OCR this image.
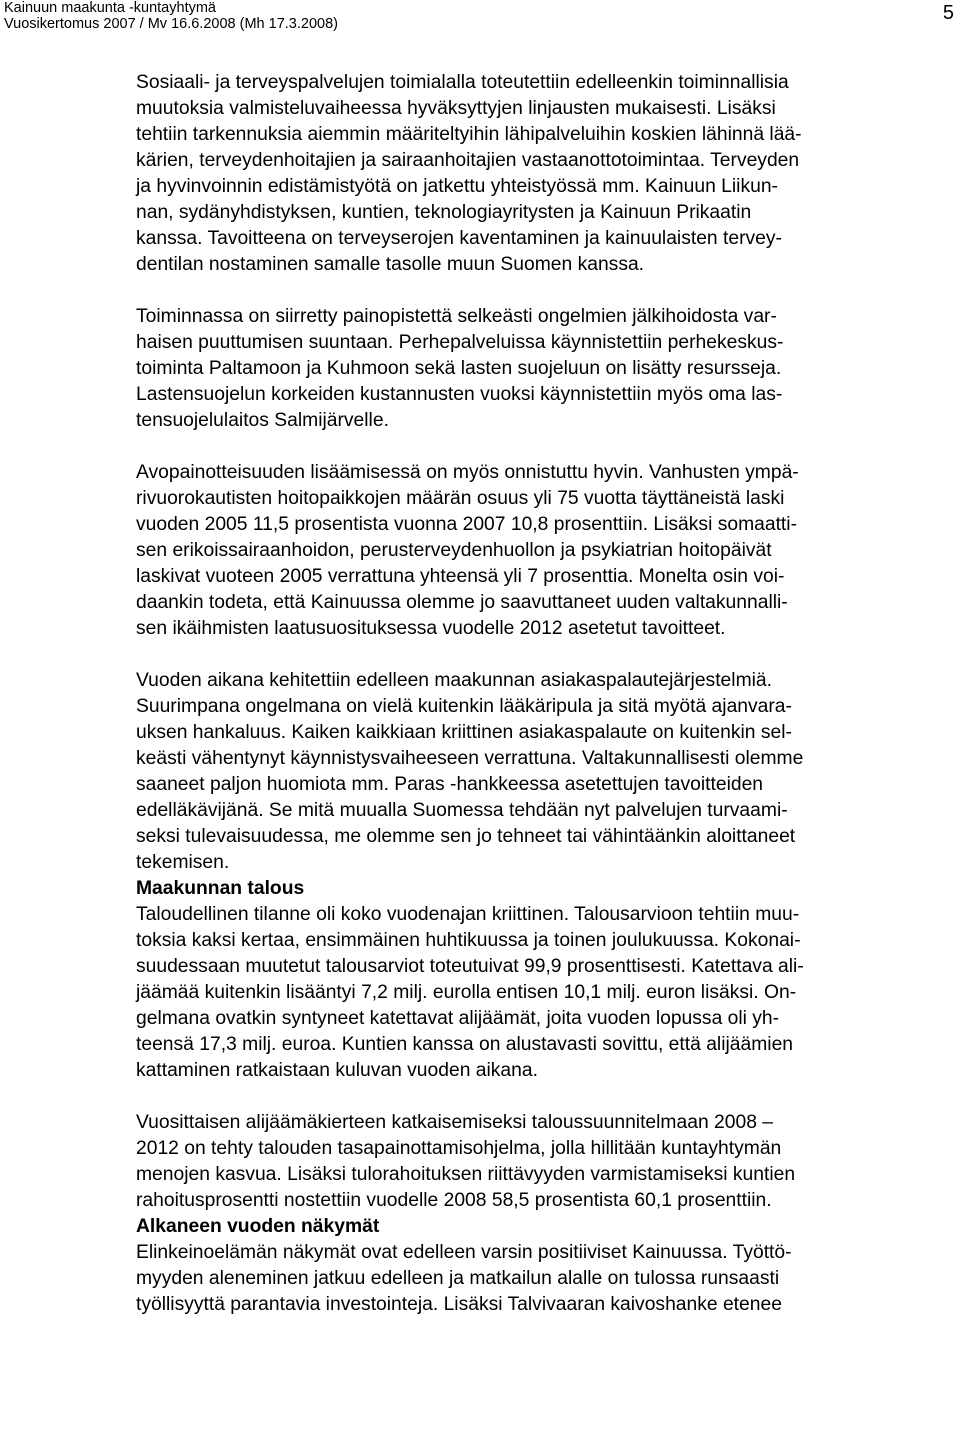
Kainuun maakunta -kuntayhtymä
Vuosikertomus 2007 / Mv 16.6.2008 (Mh 17.3.2008)	5

Sosiaali- ja terveyspalvelujen toimialalla toteutettiin edelleenkin toiminnallisia
muutoksia valmisteluvaiheessa hyväksyttyjen linjausten mukaisesti. Lisäksi
tehtiin tarkennuksia aiemmin määriteltyihin lähipalveluihin koskien lähinnä lää-
kärien, terveydenhoitajien ja sairaanhoitajien vastaanottotoimintaa. Terveyden
ja hyvinvoinnin edistämistyötä on jatkettu yhteistyössä mm. Kainuun Liikun-
nan, sydänyhdistyksen, kuntien, teknologiayritysten ja Kainuun Prikaatin
kanssa. Tavoitteena on terveyserojen kaventaminen ja kainuulaisten tervey-
dentilan nostaminen samalle tasolle muun Suomen kanssa.

Toiminnassa on siirretty painopistettä selkeästi ongelmien jälkihoidosta var-
haisen puuttumisen suuntaan. Perhepalveluissa käynnistettiin perhekeskus-
toiminta Paltamoon ja Kuhmoon sekä lasten suojeluun on lisätty resursseja.
Lastensuojelun korkeiden kustannusten vuoksi käynnistettiin myös oma las-
tensuojelulaitos Salmijärvelle.

Avopainotteisuuden lisäämisessä on myös onnistuttu hyvin. Vanhusten ympä-
rivuorokautisten hoitopaikkojen määrän osuus yli 75 vuotta täyttäneistä laski
vuoden 2005 11,5 prosentista vuonna 2007 10,8 prosenttiin. Lisäksi somaatti-
sen erikoissairaanhoidon, perusterveydenhuollon ja psykiatrian hoitopäivät
laskivat vuoteen 2005 verrattuna yhteensä yli 7 prosenttia. Monelta osin voi-
daankin todeta, että Kainuussa olemme jo saavuttaneet uuden valtakunnalli-
sen ikäihmisten laatusuosituksessa vuodelle 2012 asetetut tavoitteet.

Vuoden aikana kehitettiin edelleen maakunnan asiakaspalautejärjestelmiä.
Suurimpana ongelmana on vielä kuitenkin lääkäripula ja sitä myötä ajanvara-
uksen hankaluus. Kaiken kaikkiaan kriittinen asiakaspalaute on kuitenkin sel-
keästi vähentynyt käynnistysvaiheeseen verrattuna. Valtakunnallisesti olemme
saaneet paljon huomiota mm. Paras -hankkeessa asetettujen tavoitteiden
edelläkävijänä. Se mitä muualla Suomessa tehdään nyt palvelujen turvaami-
seksi tulevaisuudessa, me olemme sen jo tehneet tai vähintäänkin aloittaneet
tekemisen.

Maakunnan talous

Taloudellinen tilanne oli koko vuodenajan kriittinen. Talousarvioon tehtiin muu-
toksia kaksi kertaa, ensimmäinen huhtikuussa ja toinen joulukuussa. Kokonai-
suudessaan muutetut talousarviot toteutuivat 99,9 prosenttisesti. Katettava ali-
jäämää kuitenkin lisääntyi 7,2 milj. eurolla entisen 10,1 milj. euron lisäksi. On-
gelmana ovatkin syntyneet katettavat alijäämät, joita vuoden lopussa oli yh-
teensä 17,3 milj. euroa. Kuntien kanssa on alustavasti sovittu, että alijäämien
kattaminen ratkaistaan kuluvan vuoden aikana.

Vuosittaisen alijäämäkierteen katkaisemiseksi taloussuunnitelmaan 2008 –
2012 on tehty talouden tasapainottamisohjelma, jolla hillitään kuntayhtymän
menojen kasvua. Lisäksi tulorahoituksen riittävyyden varmistamiseksi kuntien
rahoitusprosentti nostettiin vuodelle 2008 58,5 prosentista 60,1 prosenttiin.

Alkaneen vuoden näkymät

Elinkeinoelämän näkymät ovat edelleen varsin positiiviset Kainuussa. Työttö-
myyden aleneminen jatkuu edelleen ja matkailun alalle on tulossa runsaasti
työllisyyttä parantavia investointeja. Lisäksi Talvivaaran kaivoshanke etenee
